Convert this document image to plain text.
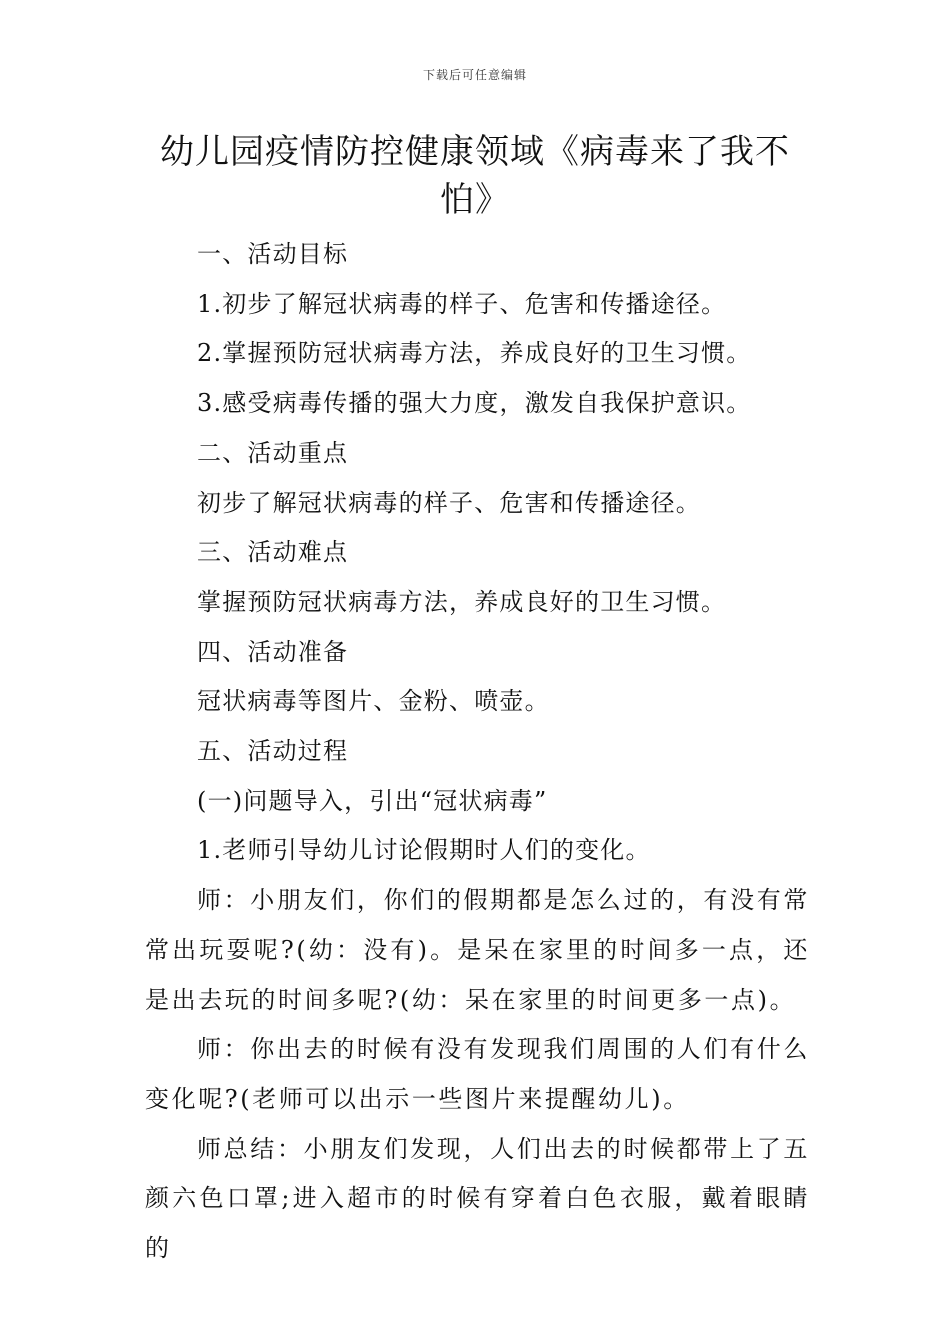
下载后可任意编辑
幼儿园疫情防控健康领域《病毒来了我不怕》

一、活动目标

1.初步了解冠状病毒的样子、危害和传播途径。

2.掌握预防冠状病毒方法，养成良好的卫生习惯。

3.感受病毒传播的强大力度，激发自我保护意识。

二、活动重点

初步了解冠状病毒的样子、危害和传播途径。

三、活动难点

掌握预防冠状病毒方法，养成良好的卫生习惯。

四、活动准备

冠状病毒等图片、金粉、喷壶。

五、活动过程

(一)问题导入，引出“冠状病毒”

1.老师引导幼儿讨论假期时人们的变化。

师：小朋友们，你们的假期都是怎么过的，有没有常常出玩耍呢?(幼：没有)。是呆在家里的时间多一点，还是出去玩的时间多呢?(幼：呆在家里的时间更多一点)。

师：你出去的时候有没有发现我们周围的人们有什么变化呢?(老师可以出示一些图片来提醒幼儿)。

师总结：小朋友们发现，人们出去的时候都带上了五颜六色口罩;进入超市的时候有穿着白色衣服，戴着眼睛的
